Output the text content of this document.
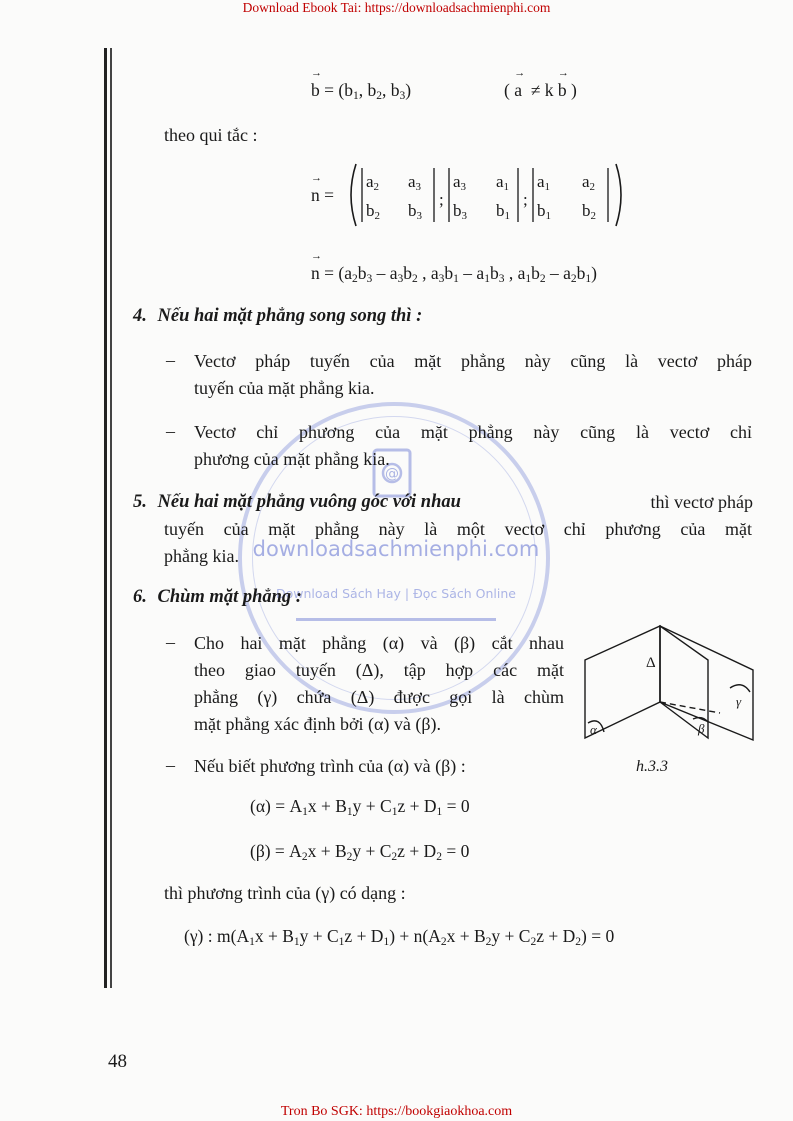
Download Ebook Tai: https://downloadsachmienphi.com
@
downloadsachmienphi.com
Download Sách Hay | Đọc Sách Online
→ $b = (b_1$, $b_2$, $b_3$)	( → a  ≠ k → b )
theo qui tắc :
→ n =
a2 a3
b2 b3
;
a3 a1
b3 b1
;
a1 a2
b1 b2
→ $n = (a_2b_3 - a_3b_2$ , $a_3b_1 - a_1b_3$ , $a_1b_2 - a_2b_1$)
4. Nếu hai mặt phẳng song song thì :
– Vectơ pháp tuyến của mặt phẳng này cũng là vectơ pháp
tuyến của mặt phẳng kia.
– Vectơ chỉ phương của mặt phẳng này cũng là vectơ chỉ
phương của mặt phẳng kia.
5. Nếu hai mặt phẳng vuông góc với nhau	thì vectơ pháp
tuyến của mặt phẳng này là một vectơ chỉ phương của mặt
phẳng kia.
6. Chùm mặt phẳng :
– Cho hai mặt phẳng (α) và (β) cắt nhau
theo giao tuyến (Δ), tập hợp các mặt
phẳng (γ) chứa (Δ) được gọi là chùm
mặt phẳng xác định bởi (α) và (β).
Δ
α	β
γ
h.3.3
– Nếu biết phương trình của (α) và (β) :
$(\alpha) = A_1x + B_1y + C_1z + D_1 = 0$
$(\beta) = A_2x + B_2y + C_2z + D_2 = 0$
thì phương trình của (γ) có dạng :
(γ) : $m(A_1x + B_1y + C_1z + D_1) + n(A_2x + B_2y + C_2z + D_2) = 0$
48
Tron Bo SGK: https://bookgiaokhoa.com
